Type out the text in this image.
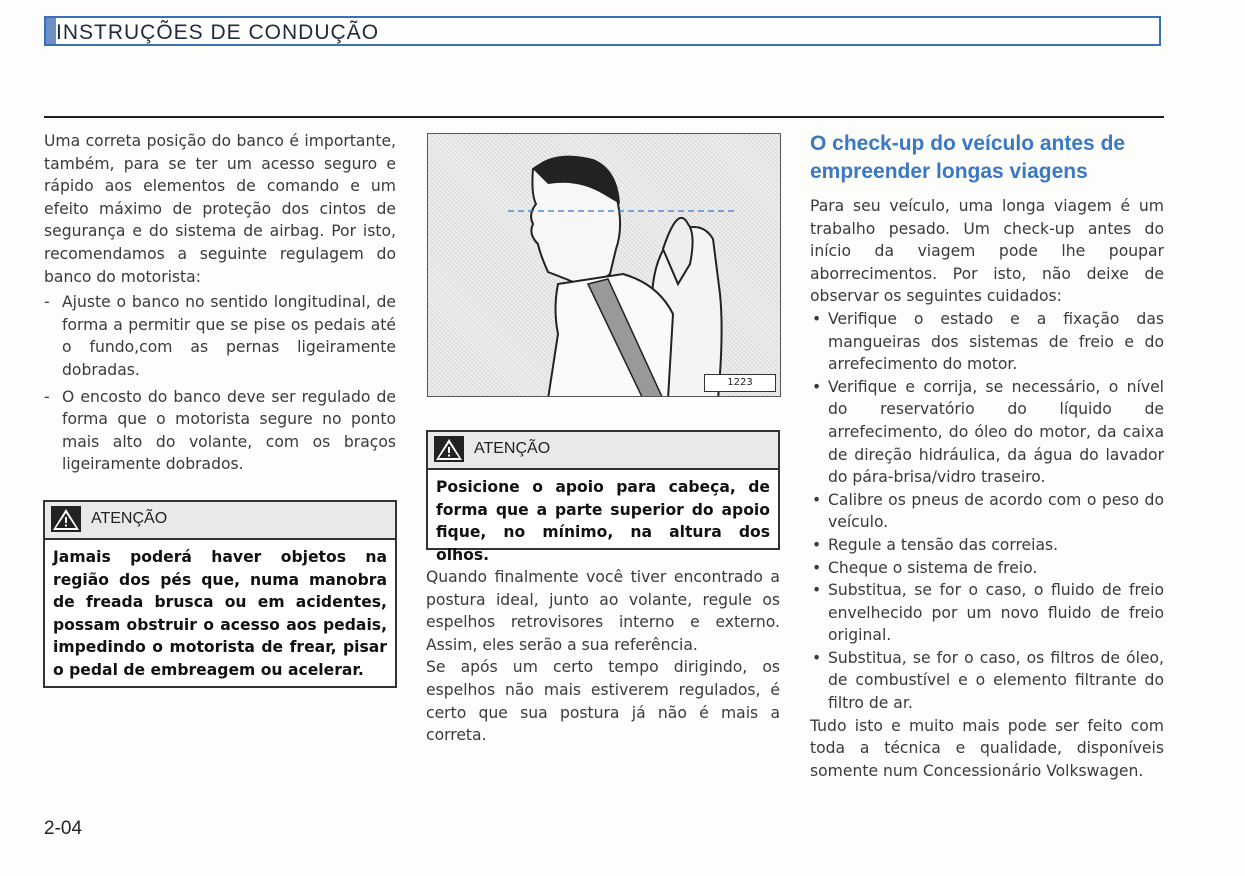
INSTRUÇÕES DE CONDUÇÃO

Uma correta posição do banco é importante, também, para se ter um acesso seguro e rápido aos elementos de comando e um efeito máximo de proteção dos cintos de segurança e do sistema de airbag. Por isto, recomendamos a seguinte regulagem do banco do motorista:

- Ajuste o banco no sentido longitudinal, de forma a permitir que se pise os pedais até o fundo,com as pernas ligeiramente dobradas.

- O encosto do banco deve ser regulado de forma que o motorista segure no ponto mais alto do volante, com os braços ligeiramente dobrados.

ATENÇÃO
Jamais poderá haver objetos na região dos pés que, numa manobra de freada brusca ou em acidentes, possam obstruir o acesso aos pedais, impedindo o motorista de frear, pisar o pedal de embreagem ou acelerar.
1223
ATENÇÃO
Posicione o apoio para cabeça, de forma que a parte superior do apoio fique, no mínimo, na altura dos olhos.

Quando finalmente você tiver encontrado a postura ideal, junto ao volante, regule os espelhos retrovisores interno e externo. Assim, eles serão a sua referência.

Se após um certo tempo dirigindo, os espelhos não mais estiverem regulados, é certo que sua postura já não é mais a correta.

O check-up do veículo antes de empreender longas viagens

Para seu veículo, uma longa viagem é um trabalho pesado. Um check-up antes do início da viagem pode lhe poupar aborrecimentos. Por isto, não deixe de observar os seguintes cuidados:

• Verifique o estado e a fixação das mangueiras dos sistemas de freio e do arrefecimento do motor.

• Verifique e corrija, se necessário, o nível do reservatório do líquido de arrefecimento, do óleo do motor, da caixa de direção hidráulica, da água do lavador do pára-brisa/vidro traseiro.

• Calibre os pneus de acordo com o peso do veículo.

• Regule a tensão das correias.

• Cheque o sistema de freio.

• Substitua, se for o caso, o fluido de freio envelhecido por um novo fluido de freio original.

• Substitua, se for o caso, os filtros de óleo, de combustível e o elemento filtrante do filtro de ar.

Tudo isto e muito mais pode ser feito com toda a técnica e qualidade, disponíveis somente num Concessionário Volkswagen.

2-04
